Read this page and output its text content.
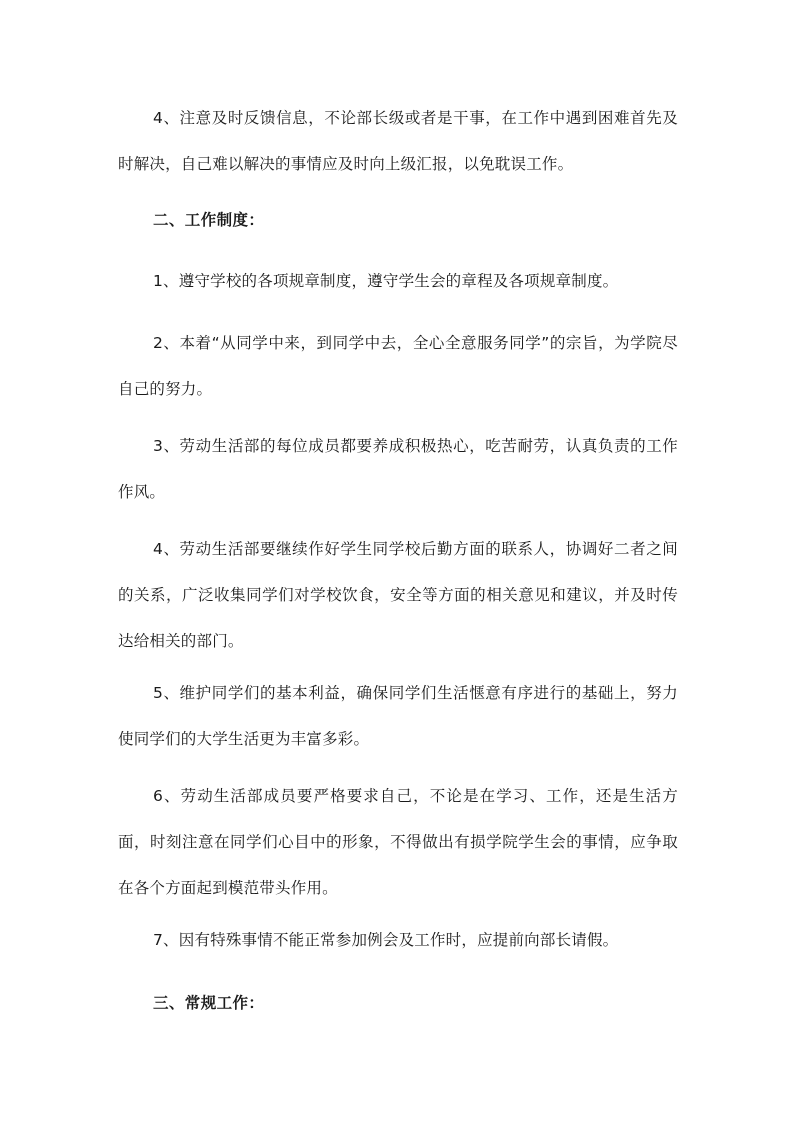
4、注意及时反馈信息，不论部长级或者是干事，在工作中遇到困难首先及时解决，自己难以解决的事情应及时向上级汇报，以免耽误工作。

二、工作制度：

1、遵守学校的各项规章制度，遵守学生会的章程及各项规章制度。

2、本着“从同学中来，到同学中去，全心全意服务同学”的宗旨，为学院尽自己的努力。

3、劳动生活部的每位成员都要养成积极热心，吃苦耐劳，认真负责的工作作风。

4、劳动生活部要继续作好学生同学校后勤方面的联系人，协调好二者之间的关系，广泛收集同学们对学校饮食，安全等方面的相关意见和建议，并及时传达给相关的部门。

5、维护同学们的基本利益，确保同学们生活惬意有序进行的基础上，努力使同学们的大学生活更为丰富多彩。

6、劳动生活部成员要严格要求自己，不论是在学习、工作，还是生活方面，时刻注意在同学们心目中的形象，不得做出有损学院学生会的事情，应争取在各个方面起到模范带头作用。

7、因有特殊事情不能正常参加例会及工作时，应提前向部长请假。

三、常规工作：
